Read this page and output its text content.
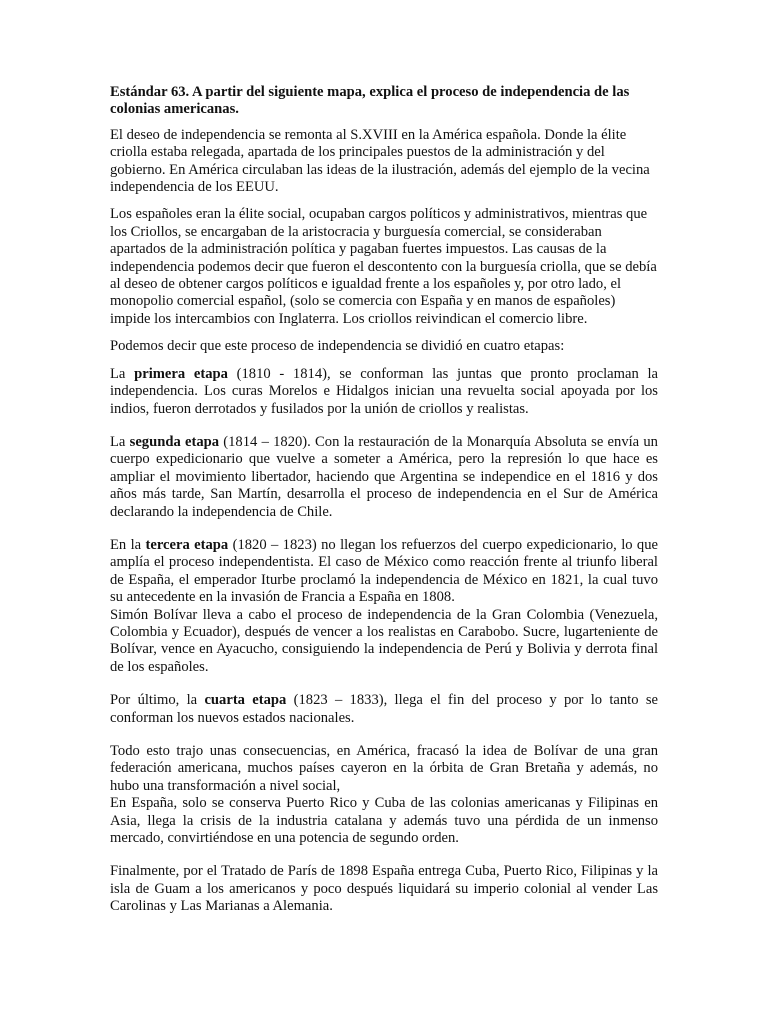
Estándar 63. A partir del siguiente mapa, explica el proceso de independencia de las colonias americanas.

El deseo de independencia se remonta al S.XVIII en la América española. Donde la élite criolla estaba relegada, apartada de los principales puestos de la administración y del gobierno. En América circulaban las ideas de la ilustración, además del ejemplo de la vecina independencia de los EEUU.

Los españoles eran la élite social, ocupaban cargos políticos y administrativos, mientras que los Criollos, se encargaban de la aristocracia y burguesía comercial, se consideraban apartados de la administración política y pagaban fuertes impuestos. Las causas de la independencia podemos decir que fueron el descontento con la burguesía criolla, que se debía al deseo de obtener cargos políticos e igualdad frente a los españoles y, por otro lado, el monopolio comercial español, (solo se comercia con España y en manos de españoles) impide los intercambios con Inglaterra. Los criollos reivindican el comercio libre.

Podemos decir que este proceso de independencia se dividió en cuatro etapas:

La primera etapa (1810 - 1814), se conforman las juntas que pronto proclaman la independencia. Los curas Morelos e Hidalgos inician una revuelta social apoyada por los indios, fueron derrotados y fusilados por la unión de criollos y realistas.

La segunda etapa (1814 – 1820). Con la restauración de la Monarquía Absoluta se envía un cuerpo expedicionario que vuelve a someter a América, pero la represión lo que hace es ampliar el movimiento libertador, haciendo que Argentina se independice en el 1816 y dos años más tarde, San Martín, desarrolla el proceso de independencia en el Sur de América declarando la independencia de Chile.

En la tercera etapa (1820 – 1823) no llegan los refuerzos del cuerpo expedicionario, lo que amplía el proceso independentista. El caso de México como reacción frente al triunfo liberal de España, el emperador Iturbe proclamó la independencia de México en 1821, la cual tuvo su antecedente en la invasión de Francia a España en 1808.

Simón Bolívar lleva a cabo el proceso de independencia de la Gran Colombia (Venezuela, Colombia y Ecuador), después de vencer a los realistas en Carabobo. Sucre, lugarteniente de Bolívar, vence en Ayacucho, consiguiendo la independencia de Perú y Bolivia y derrota final de los españoles.

Por último, la cuarta etapa (1823 – 1833), llega el fin del proceso y por lo tanto se conforman los nuevos estados nacionales.

Todo esto trajo unas consecuencias, en América, fracasó la idea de Bolívar de una gran federación americana, muchos países cayeron en la órbita de Gran Bretaña y además, no hubo una transformación a nivel social,

En España, solo se conserva Puerto Rico y Cuba de las colonias americanas y Filipinas en Asia, llega la crisis de la industria catalana y además tuvo una pérdida de un inmenso mercado, convirtiéndose en una potencia de segundo orden.

Finalmente, por el Tratado de París de 1898 España entrega Cuba, Puerto Rico, Filipinas y la isla de Guam a los americanos y poco después liquidará su imperio colonial al vender Las Carolinas y Las Marianas a Alemania.
